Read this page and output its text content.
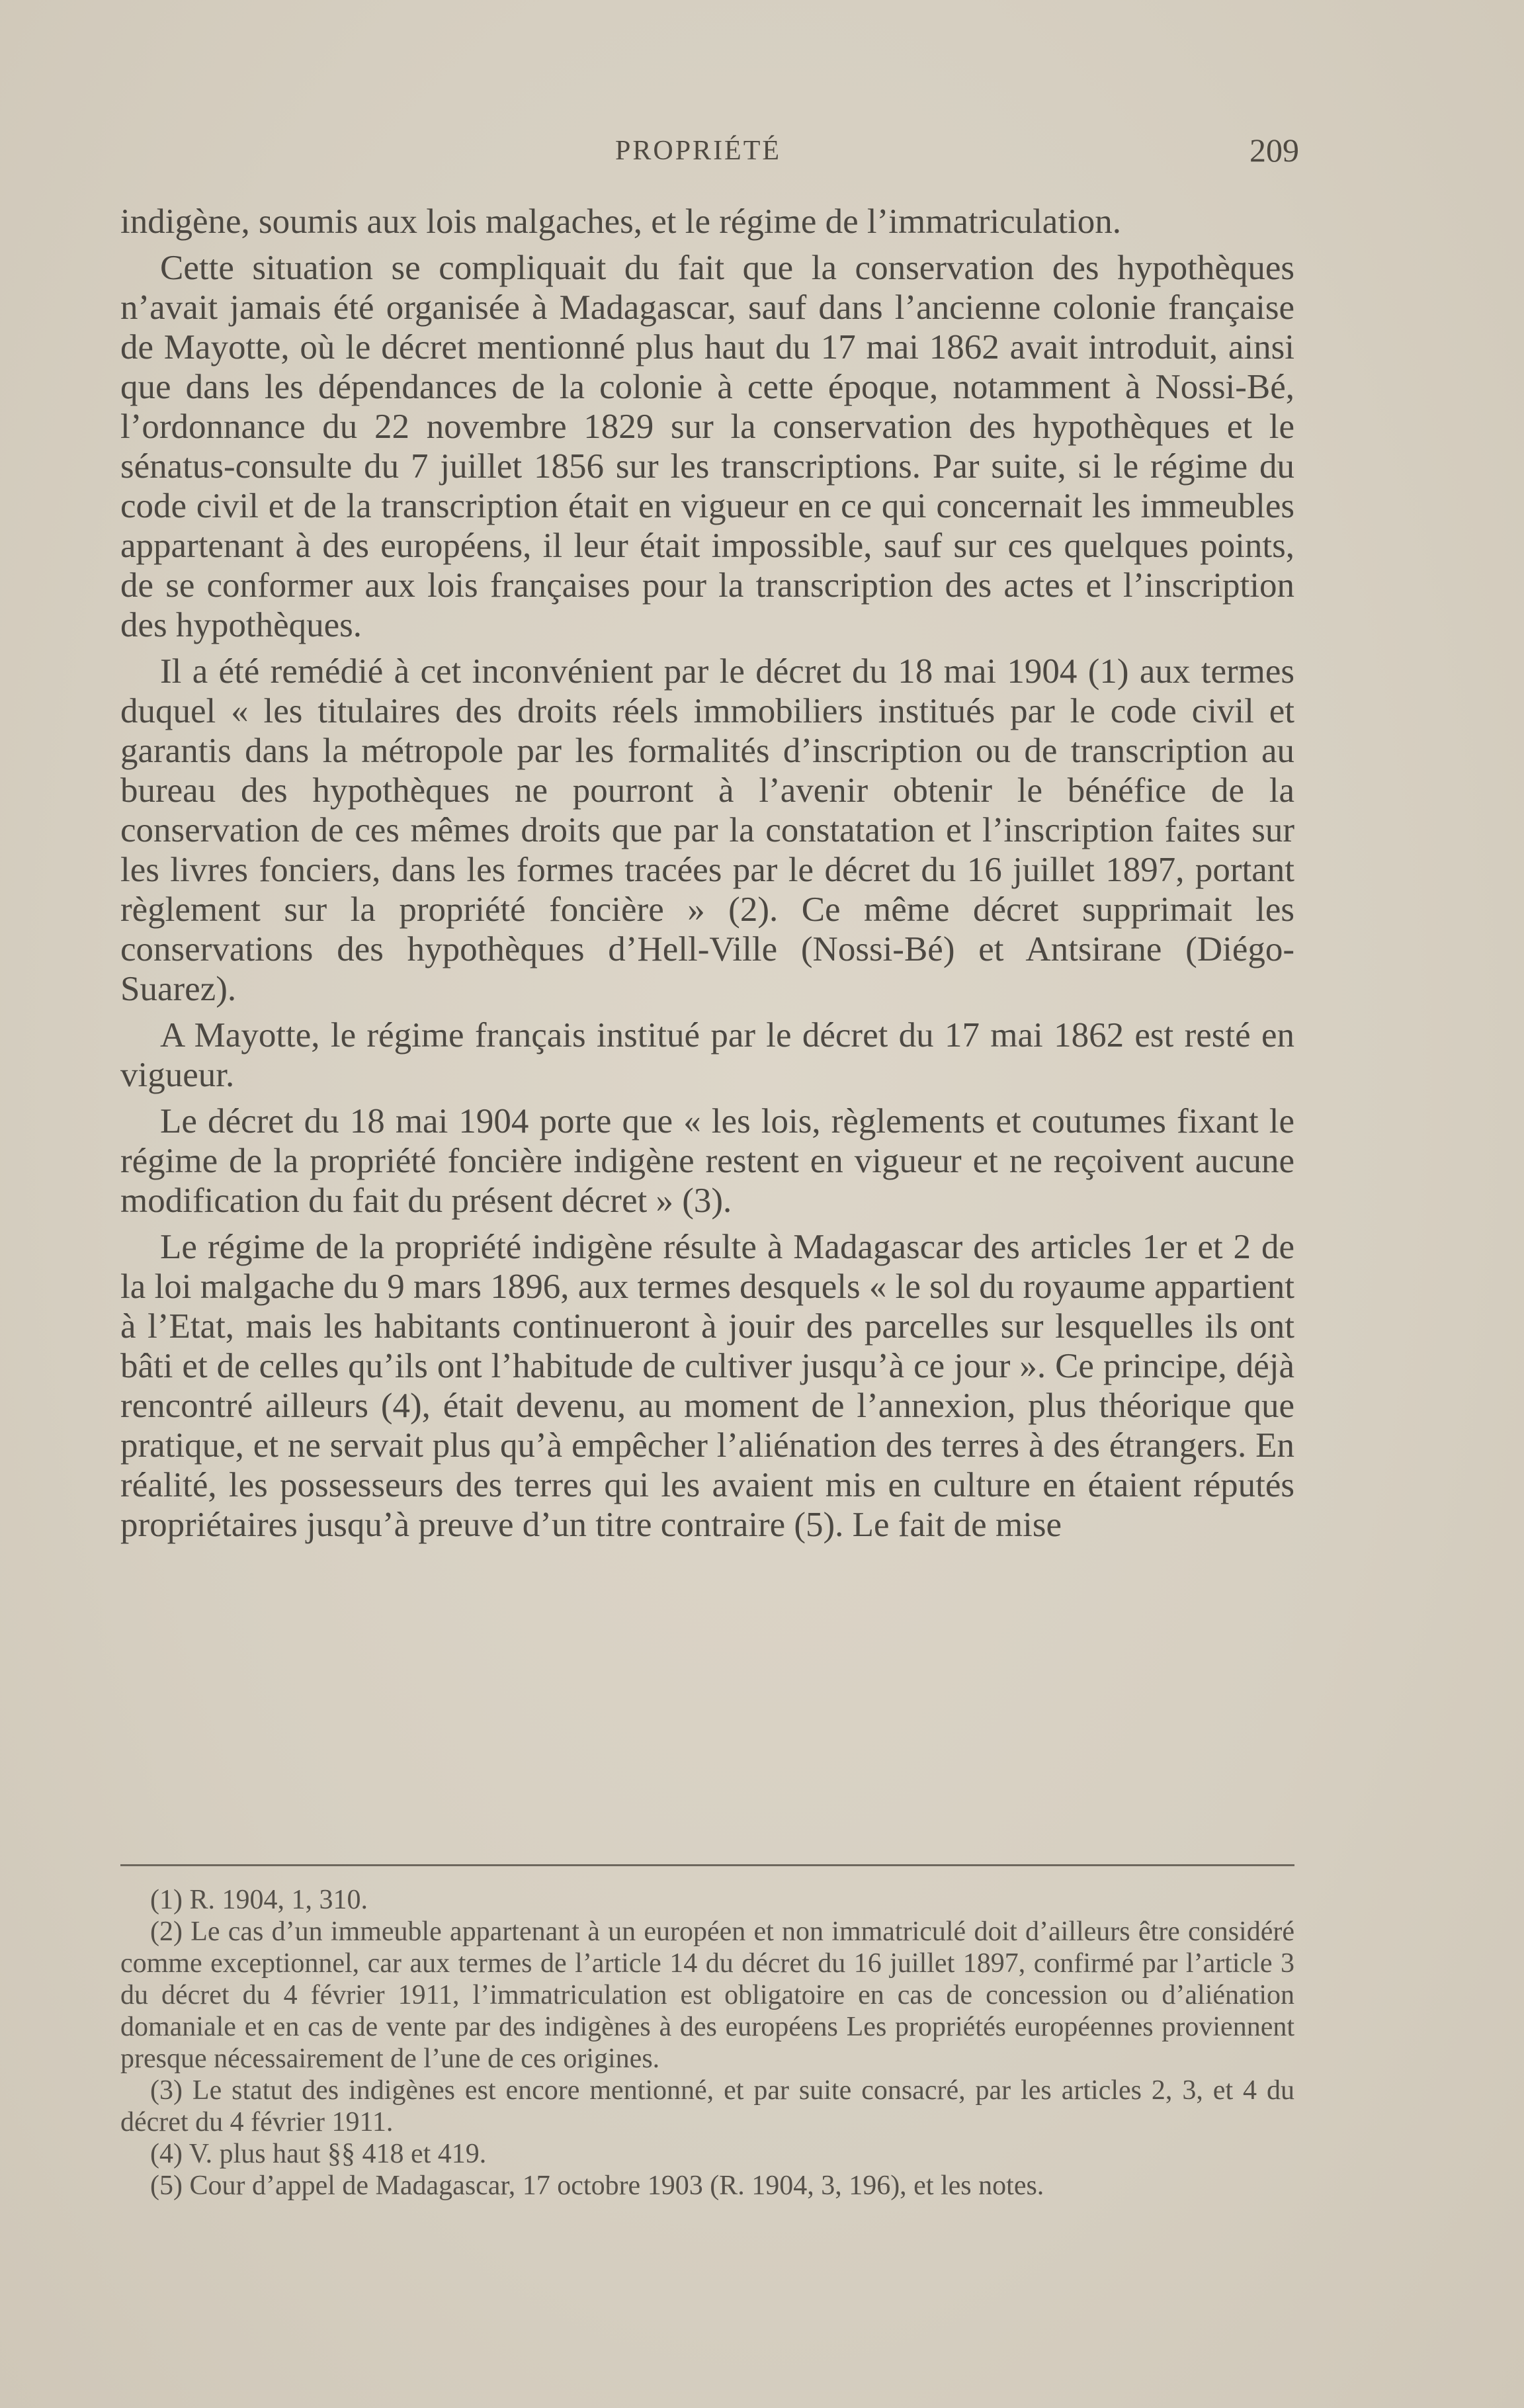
PROPRIÉTÉ	209

indigène, soumis aux lois malgaches, et le régime de l’immatriculation.

Cette situation se compliquait du fait que la conservation des hypothèques n’avait jamais été organisée à Madagascar, sauf dans l’ancienne colonie française de Mayotte, où le décret mentionné plus haut du 17 mai 1862 avait introduit, ainsi que dans les dépendances de la colonie à cette époque, notamment à Nossi-Bé, l’ordonnance du 22 novembre 1829 sur la conservation des hypothèques et le sénatus-consulte du 7 juillet 1856 sur les transcriptions. Par suite, si le régime du code civil et de la transcription était en vigueur en ce qui concernait les immeubles appartenant à des européens, il leur était impossible, sauf sur ces quelques points, de se conformer aux lois françaises pour la transcription des actes et l’inscription des hypothèques.

Il a été remédié à cet inconvénient par le décret du 18 mai 1904 (1) aux termes duquel « les titulaires des droits réels immobiliers institués par le code civil et garantis dans la métropole par les formalités d’inscription ou de transcription au bureau des hypothèques ne pourront à l’avenir obtenir le bénéfice de la conservation de ces mêmes droits que par la constatation et l’inscription faites sur les livres fonciers, dans les formes tracées par le décret du 16 juillet 1897, portant règlement sur la propriété foncière » (2). Ce même décret supprimait les conservations des hypothèques d’Hell-Ville (Nossi-Bé) et Antsirane (Diégo-Suarez).

A Mayotte, le régime français institué par le décret du 17 mai 1862 est resté en vigueur.

Le décret du 18 mai 1904 porte que « les lois, règlements et coutumes fixant le régime de la propriété foncière indigène restent en vigueur et ne reçoivent aucune modification du fait du présent décret » (3).

Le régime de la propriété indigène résulte à Madagascar des articles 1er et 2 de la loi malgache du 9 mars 1896, aux termes desquels « le sol du royaume appartient à l’Etat, mais les habitants continueront à jouir des parcelles sur lesquelles ils ont bâti et de celles qu’ils ont l’habitude de cultiver jusqu’à ce jour ». Ce principe, déjà rencontré ailleurs (4), était devenu, au moment de l’annexion, plus théorique que pratique, et ne servait plus qu’à empêcher l’aliénation des terres à des étrangers. En réalité, les possesseurs des terres qui les avaient mis en culture en étaient réputés propriétaires jusqu’à preuve d’un titre contraire (5). Le fait de mise

(1) R. 1904, 1, 310.

(2) Le cas d’un immeuble appartenant à un européen et non immatriculé doit d’ailleurs être considéré comme exceptionnel, car aux termes de l’article 14 du décret du 16 juillet 1897, confirmé par l’article 3 du décret du 4 février 1911, l’immatriculation est obligatoire en cas de concession ou d’aliénation domaniale et en cas de vente par des indigènes à des européens Les propriétés européennes proviennent presque nécessairement de l’une de ces origines.

(3) Le statut des indigènes est encore mentionné, et par suite consacré, par les articles 2, 3, et 4 du décret du 4 février 1911.

(4) V. plus haut §§ 418 et 419.

(5) Cour d’appel de Madagascar, 17 octobre 1903 (R. 1904, 3, 196), et les notes.
